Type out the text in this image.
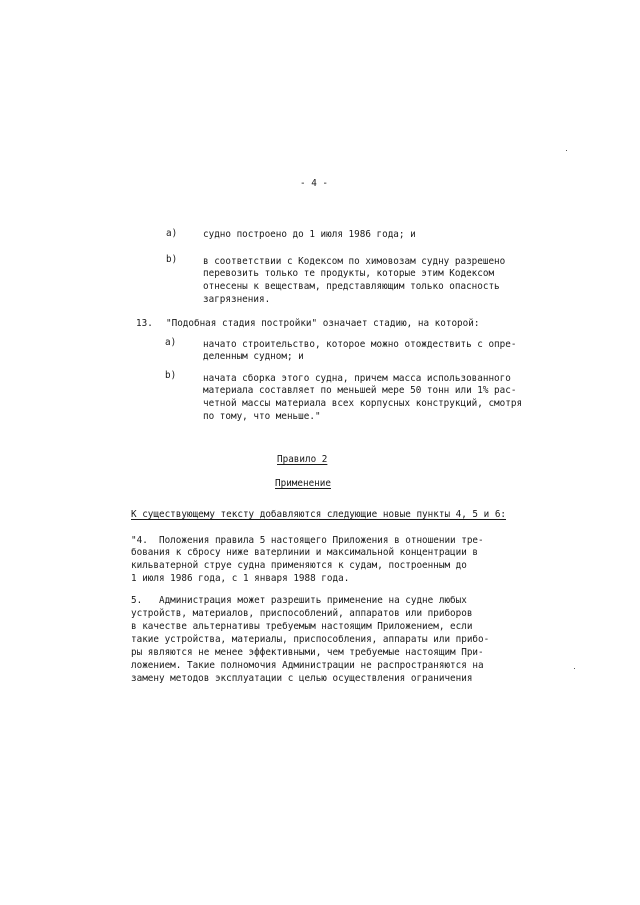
- 4 -
a)	судно построено до 1 июля 1986 года; и
b)	в соответствии с Кодексом по химовозам судну разрешено
перевозить только те продукты, которые этим Кодексом
отнесены к веществам, представляющим только опасность
загрязнения.
13. "Подобная стадия постройки" означает стадию, на которой:
a)	начато строительство, которое можно отождествить с опре-
деленным судном; и
b)	начата сборка этого судна, причем масса использованного
материала составляет по меньшей мере 50 тонн или 1% рас-
четной массы материала всех корпусных конструкций, смотря
по тому, что меньше."
Правило 2
Применение
К существующему тексту добавляются следующие новые пункты 4, 5 и 6:
"4.  Положения правила 5 настоящего Приложения в отношении тре-
бования к сбросу ниже ватерлинии и максимальной концентрации в
кильватерной струе судна применяются к судам, построенным до
1 июля 1986 года, с 1 января 1988 года.
5.   Администрация может разрешить применение на судне любых
устройств, материалов, приспособлений, аппаратов или приборов
в качестве альтернативы требуемым настоящим Приложением, если
такие устройства, материалы, приспособления, аппараты или прибо-
ры являются не менее эффективными, чем требуемые настоящим При-
ложением. Такие полномочия Администрации не распространяются на
замену методов эксплуатации с целью осуществления ограничения
